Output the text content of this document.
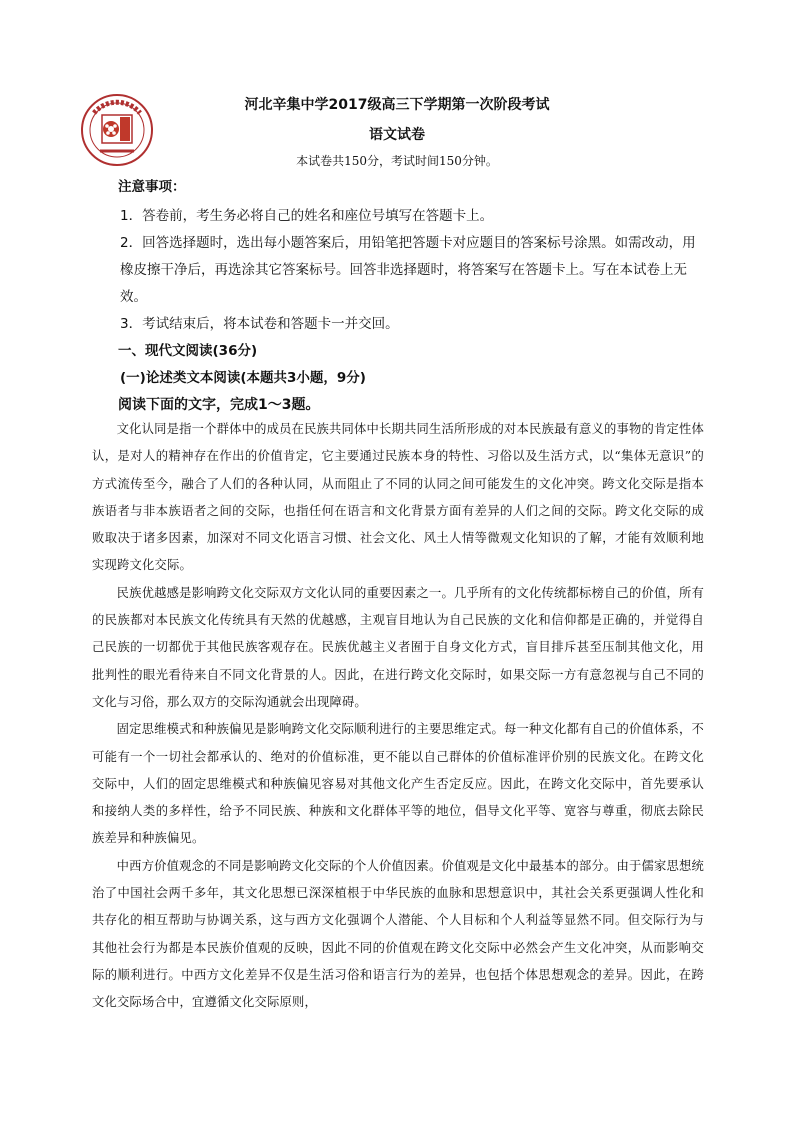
河北辛集中学2017级高三下学期第一次阶段考试
语文试卷
本试卷共150分，考试时间150分钟。

注意事项：

1．答卷前，考生务必将自己的姓名和座位号填写在答题卡上。

2．回答选择题时，选出每小题答案后，用铅笔把答题卡对应题目的答案标号涂黑。如需改动，用橡皮擦干净后，再选涂其它答案标号。回答非选择题时，将答案写在答题卡上。写在本试卷上无效。

3．考试结束后，将本试卷和答题卡一并交回。

一、现代文阅读(36分)

(一)论述类文本阅读(本题共3小题，9分)

阅读下面的文字，完成1～3题。

文化认同是指一个群体中的成员在民族共同体中长期共同生活所形成的对本民族最有意义的事物的肯定性体认，是对人的精神存在作出的价值肯定，它主要通过民族本身的特性、习俗以及生活方式，以“集体无意识”的方式流传至今，融合了人们的各种认同，从而阻止了不同的认同之间可能发生的文化冲突。跨文化交际是指本族语者与非本族语者之间的交际，也指任何在语言和文化背景方面有差异的人们之间的交际。跨文化交际的成败取决于诸多因素，加深对不同文化语言习惯、社会文化、风土人情等微观文化知识的了解，才能有效顺利地实现跨文化交际。

民族优越感是影响跨文化交际双方文化认同的重要因素之一。几乎所有的文化传统都标榜自己的价值，所有的民族都对本民族文化传统具有天然的优越感，主观盲目地认为自己民族的文化和信仰都是正确的，并觉得自己民族的一切都优于其他民族客观存在。民族优越主义者囿于自身文化方式，盲目排斥甚至压制其他文化，用批判性的眼光看待来自不同文化背景的人。因此，在进行跨文化交际时，如果交际一方有意忽视与自己不同的文化与习俗，那么双方的交际沟通就会出现障碍。

固定思维模式和种族偏见是影响跨文化交际顺利进行的主要思维定式。每一种文化都有自己的价值体系，不可能有一个一切社会都承认的、绝对的价值标准，更不能以自己群体的价值标准评价别的民族文化。在跨文化交际中，人们的固定思维模式和种族偏见容易对其他文化产生否定反应。因此，在跨文化交际中，首先要承认和接纳人类的多样性，给予不同民族、种族和文化群体平等的地位，倡导文化平等、宽容与尊重，彻底去除民族差异和种族偏见。

中西方价值观念的不同是影响跨文化交际的个人价值因素。价值观是文化中最基本的部分。由于儒家思想统治了中国社会两千多年，其文化思想已深深植根于中华民族的血脉和思想意识中，其社会关系更强调人性化和共存化的相互帮助与协调关系，这与西方文化强调个人潜能、个人目标和个人利益等显然不同。但交际行为与其他社会行为都是本民族价值观的反映，因此不同的价值观在跨文化交际中必然会产生文化冲突，从而影响交际的顺利进行。中西方文化差异不仅是生活习俗和语言行为的差异，也包括个体思想观念的差异。因此，在跨文化交际场合中，宜遵循文化交际原则，
